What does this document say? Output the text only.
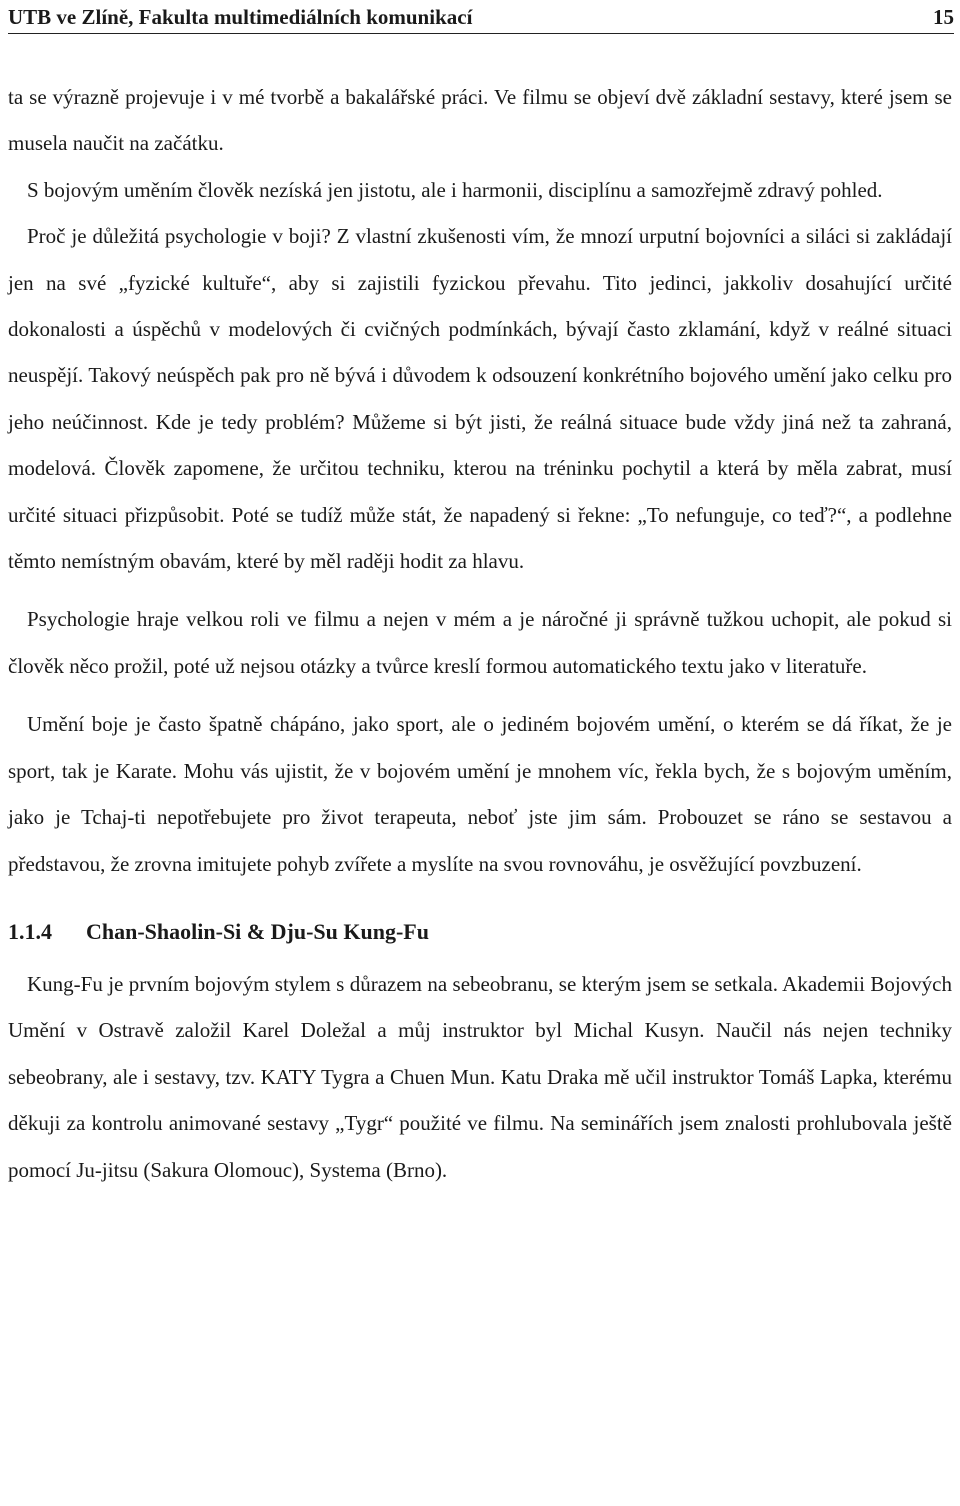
UTB ve Zlíně, Fakulta multimediálních komunikací	15

ta se výrazně projevuje i v mé tvorbě a bakalářské práci. Ve filmu se objeví dvě základní sestavy, které jsem se musela naučit na začátku.

S bojovým uměním člověk nezíská jen jistotu, ale i harmonii, disciplínu a samozřejmě zdravý pohled.

Proč je důležitá psychologie v boji? Z vlastní zkušenosti vím, že mnozí urputní bojovníci a siláci si zakládají jen na své „fyzické kultuře“, aby si zajistili fyzickou převahu. Tito jedinci, jakkoliv dosahující určité dokonalosti a úspěchů v modelových či cvičných podmínkách, bývají často zklamání, když v reálné situaci neuspějí. Takový neúspěch pak pro ně bývá i důvodem k odsouzení konkrétního bojového umění jako celku pro jeho neúčinnost. Kde je tedy problém? Můžeme si být jisti, že reálná situace bude vždy jiná než ta zahraná, modelová. Člověk zapomene, že určitou techniku, kterou na tréninku pochytil a která by měla zabrat, musí určité situaci přizpůsobit. Poté se tudíž může stát, že napadený si řekne: „To nefunguje, co teď?“, a podlehne těmto nemístným obavám, které by měl raději hodit za hlavu.

Psychologie hraje velkou roli ve filmu a nejen v mém a je náročné ji správně tužkou uchopit, ale pokud si člověk něco prožil, poté už nejsou otázky a tvůrce kreslí formou automatického textu jako v literatuře.

Umění boje je často špatně chápáno, jako sport, ale o jediném bojovém umění, o kterém se dá říkat, že je sport, tak je Karate. Mohu vás ujistit, že v bojovém umění je mnohem víc, řekla bych, že s bojovým uměním, jako je Tchaj-ti nepotřebujete pro život terapeuta, neboť jste jim sám. Probouzet se ráno se sestavou a představou, že zrovna imitujete pohyb zvířete a myslíte na svou rovnováhu, je osvěžující povzbuzení.

1.1.4 Chan-Shaolin-Si & Dju-Su Kung-Fu

Kung-Fu je prvním bojovým stylem s důrazem na sebeobranu, se kterým jsem se setkala. Akademii Bojových Umění v Ostravě založil Karel Doležal a můj instruktor byl Michal Kusyn. Naučil nás nejen techniky sebeobrany, ale i sestavy, tzv. KATY Tygra a Chuen Mun. Katu Draka mě učil instruktor Tomáš Lapka, kterému děkuji za kontrolu animované sestavy „Tygr“ použité ve filmu. Na seminářích jsem znalosti prohlubovala ještě pomocí Ju-jitsu (Sakura Olomouc), Systema (Brno).
